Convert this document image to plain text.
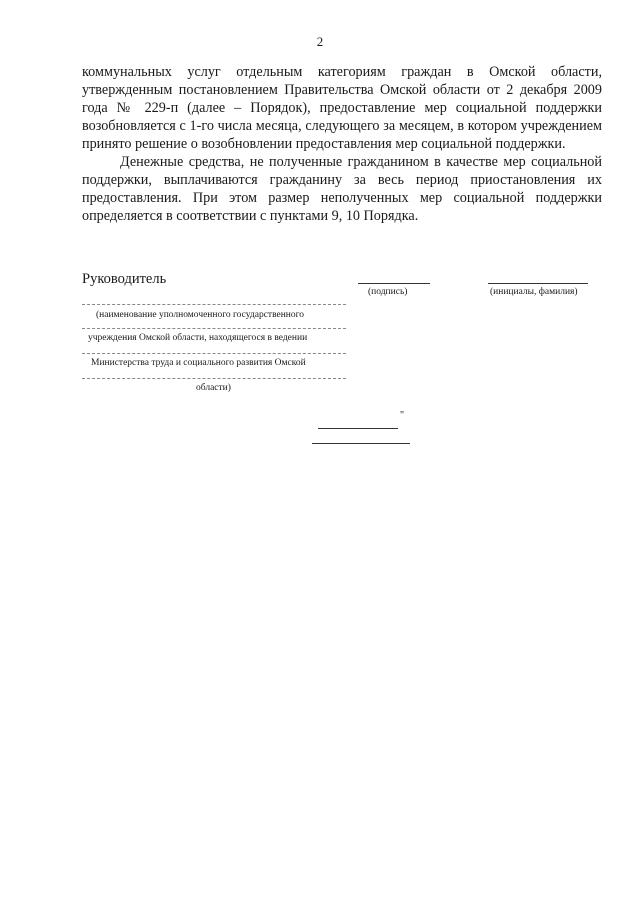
2

коммунальных услуг отдельным категориям граждан в Омской области, утвержденным постановлением Правительства Омской области от 2 декабря 2009 года № 229-п (далее – Порядок), предоставление мер социальной поддержки возобновляется с 1-го числа месяца, следующего за месяцем, в котором учреждением принято решение о возобновлении предоставления мер социальной поддержки.

Денежные средства, не полученные гражданином в качестве мер социальной поддержки, выплачиваются гражданину за весь период приостановления их предоставления. При этом размер неполученных мер социальной поддержки определяется в соответствии с пунктами 9, 10 Порядка.

Руководитель
(подпись)	(инициалы, фамилия)
(наименование уполномоченного государственного
учреждения Омской области, находящегося в ведении
Министерства труда и социального развития Омской
области)
"
